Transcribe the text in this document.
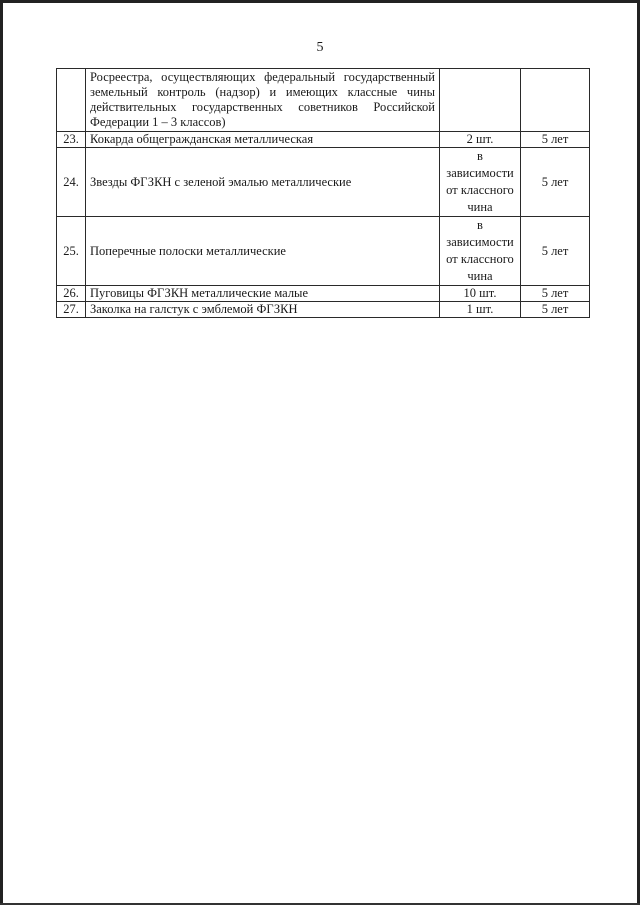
5
	Росреестра, осуществляющих федеральный государственный земельный контроль (надзор) и имеющих классные чины действительных государственных советников Российской Федерации 1 – 3 классов)		
23.	Кокарда общегражданская металлическая	2 шт.	5 лет
24.	Звезды ФГЗКН с зеленой эмалью металлические	в
зависимости
от классного
чина	5 лет
25.	Поперечные полоски металлические	в
зависимости
от классного
чина	5 лет
26.	Пуговицы ФГЗКН металлические малые	10 шт.	5 лет
27.	Заколка на галстук с эмблемой ФГЗКН	1 шт.	5 лет
